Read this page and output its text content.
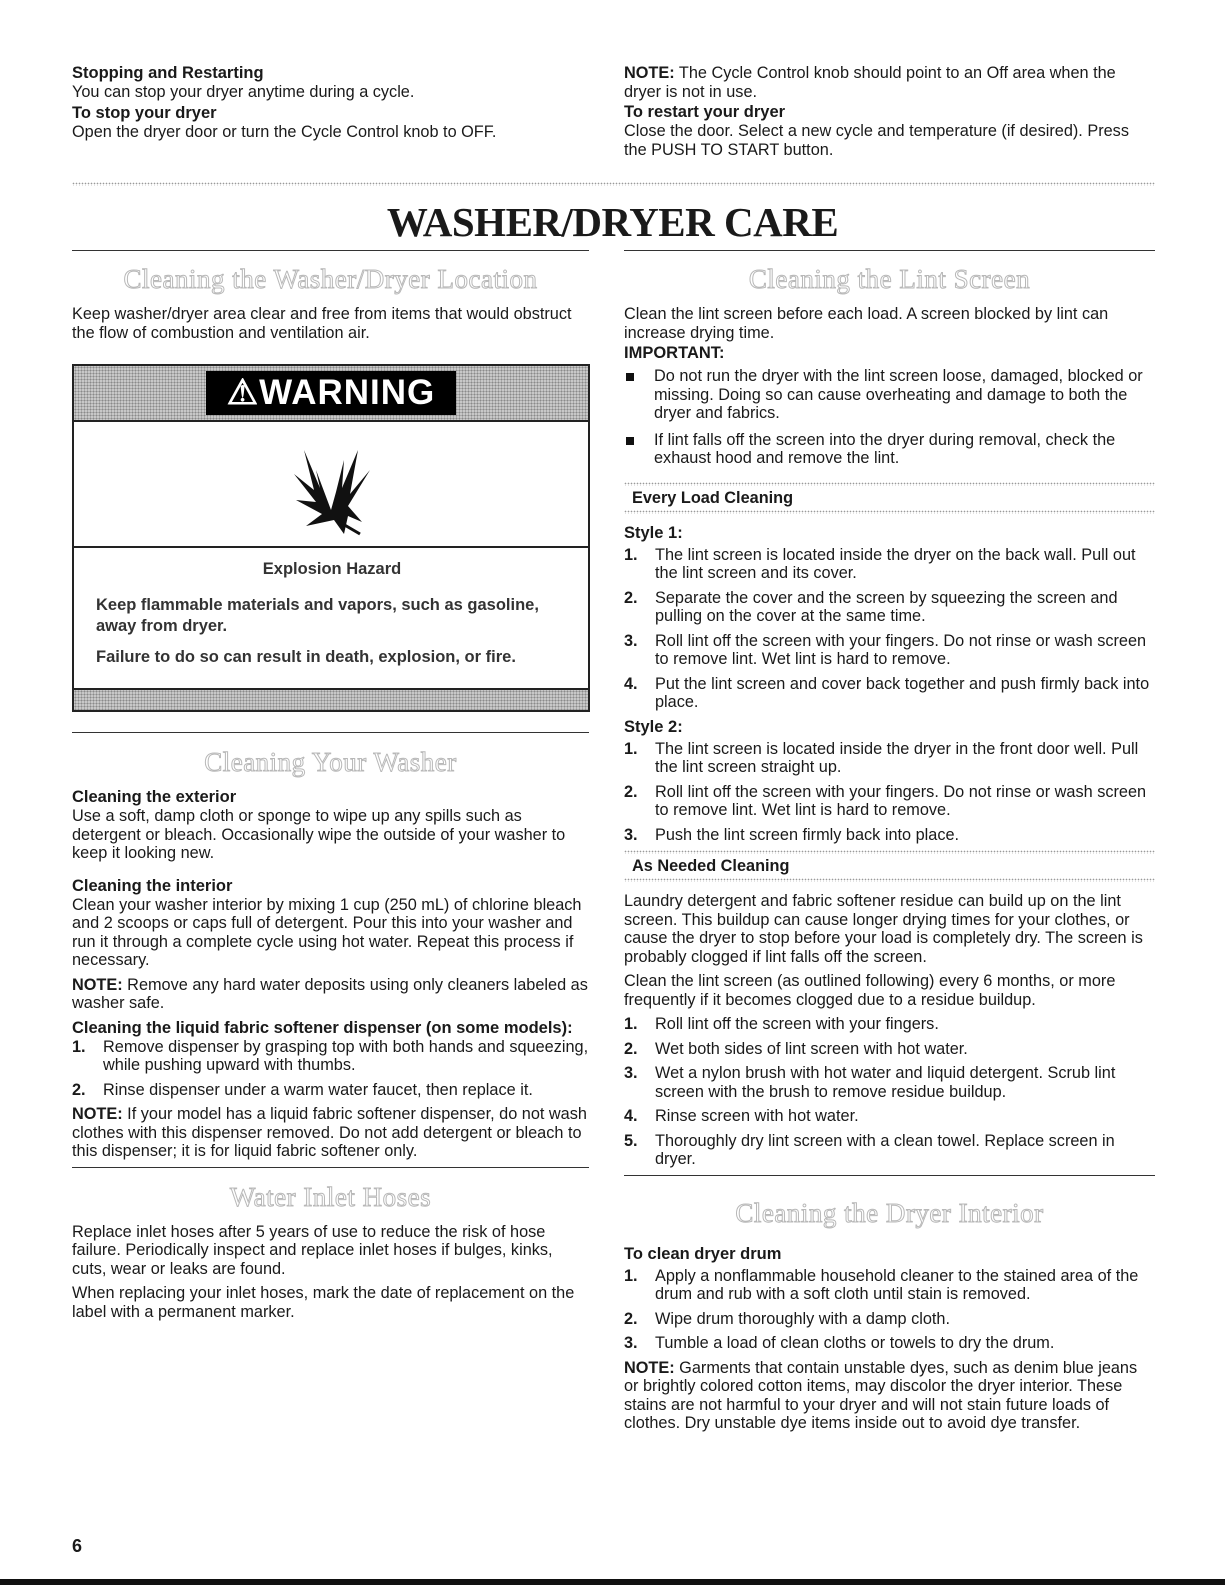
Stopping and Restarting

You can stop your dryer anytime during a cycle.

To stop your dryer

Open the dryer door or turn the Cycle Control knob to OFF.

NOTE: The Cycle Control knob should point to an Off area when the dryer is not in use.

To restart your dryer

Close the door. Select a new cycle and temperature (if desired). Press the PUSH TO START button.

WASHER/DRYER CARE
Cleaning the Washer/Dryer Location

Keep washer/dryer area clear and free from items that would obstruct the flow of combustion and ventilation air.

⚠WARNING

Explosion Hazard

Keep flammable materials and vapors, such as gasoline, away from dryer.

Failure to do so can result in death, explosion, or fire.

Cleaning Your Washer

Cleaning the exterior

Use a soft, damp cloth or sponge to wipe up any spills such as detergent or bleach. Occasionally wipe the outside of your washer to keep it looking new.

Cleaning the interior

Clean your washer interior by mixing 1 cup (250 mL) of chlorine bleach and 2 scoops or caps full of detergent. Pour this into your washer and run it through a complete cycle using hot water. Repeat this process if necessary.

NOTE: Remove any hard water deposits using only cleaners labeled as washer safe.

Cleaning the liquid fabric softener dispenser (on some models):

1. Remove dispenser by grasping top with both hands and squeezing, while pushing upward with thumbs.
2. Rinse dispenser under a warm water faucet, then replace it.

NOTE: If your model has a liquid fabric softener dispenser, do not wash clothes with this dispenser removed. Do not add detergent or bleach to this dispenser; it is for liquid fabric softener only.

Water Inlet Hoses

Replace inlet hoses after 5 years of use to reduce the risk of hose failure. Periodically inspect and replace inlet hoses if bulges, kinks, cuts, wear or leaks are found.

When replacing your inlet hoses, mark the date of replacement on the label with a permanent marker.

Cleaning the Lint Screen

Clean the lint screen before each load. A screen blocked by lint can increase drying time.

IMPORTANT:

Do not run the dryer with the lint screen loose, damaged, blocked or missing. Doing so can cause overheating and damage to both the dryer and fabrics.
If lint falls off the screen into the dryer during removal, check the exhaust hood and remove the lint.
Every Load Cleaning

Style 1:

1. The lint screen is located inside the dryer on the back wall. Pull out the lint screen and its cover.
2. Separate the cover and the screen by squeezing the screen and pulling on the cover at the same time.
3. Roll lint off the screen with your fingers. Do not rinse or wash screen to remove lint. Wet lint is hard to remove.
4. Put the lint screen and cover back together and push firmly back into place.

Style 2:

1. The lint screen is located inside the dryer in the front door well. Pull the lint screen straight up.
2. Roll lint off the screen with your fingers. Do not rinse or wash screen to remove lint. Wet lint is hard to remove.
3. Push the lint screen firmly back into place.
As Needed Cleaning

Laundry detergent and fabric softener residue can build up on the lint screen. This buildup can cause longer drying times for your clothes, or cause the dryer to stop before your load is completely dry. The screen is probably clogged if lint falls off the screen.

Clean the lint screen (as outlined following) every 6 months, or more frequently if it becomes clogged due to a residue buildup.

1. Roll lint off the screen with your fingers.
2. Wet both sides of lint screen with hot water.
3. Wet a nylon brush with hot water and liquid detergent. Scrub lint screen with the brush to remove residue buildup.
4. Rinse screen with hot water.
5. Thoroughly dry lint screen with a clean towel. Replace screen in dryer.
Cleaning the Dryer Interior

To clean dryer drum

1. Apply a nonflammable household cleaner to the stained area of the drum and rub with a soft cloth until stain is removed.
2. Wipe drum thoroughly with a damp cloth.
3. Tumble a load of clean cloths or towels to dry the drum.

NOTE: Garments that contain unstable dyes, such as denim blue jeans or brightly colored cotton items, may discolor the dryer interior. These stains are not harmful to your dryer and will not stain future loads of clothes. Dry unstable dye items inside out to avoid dye transfer.

6
